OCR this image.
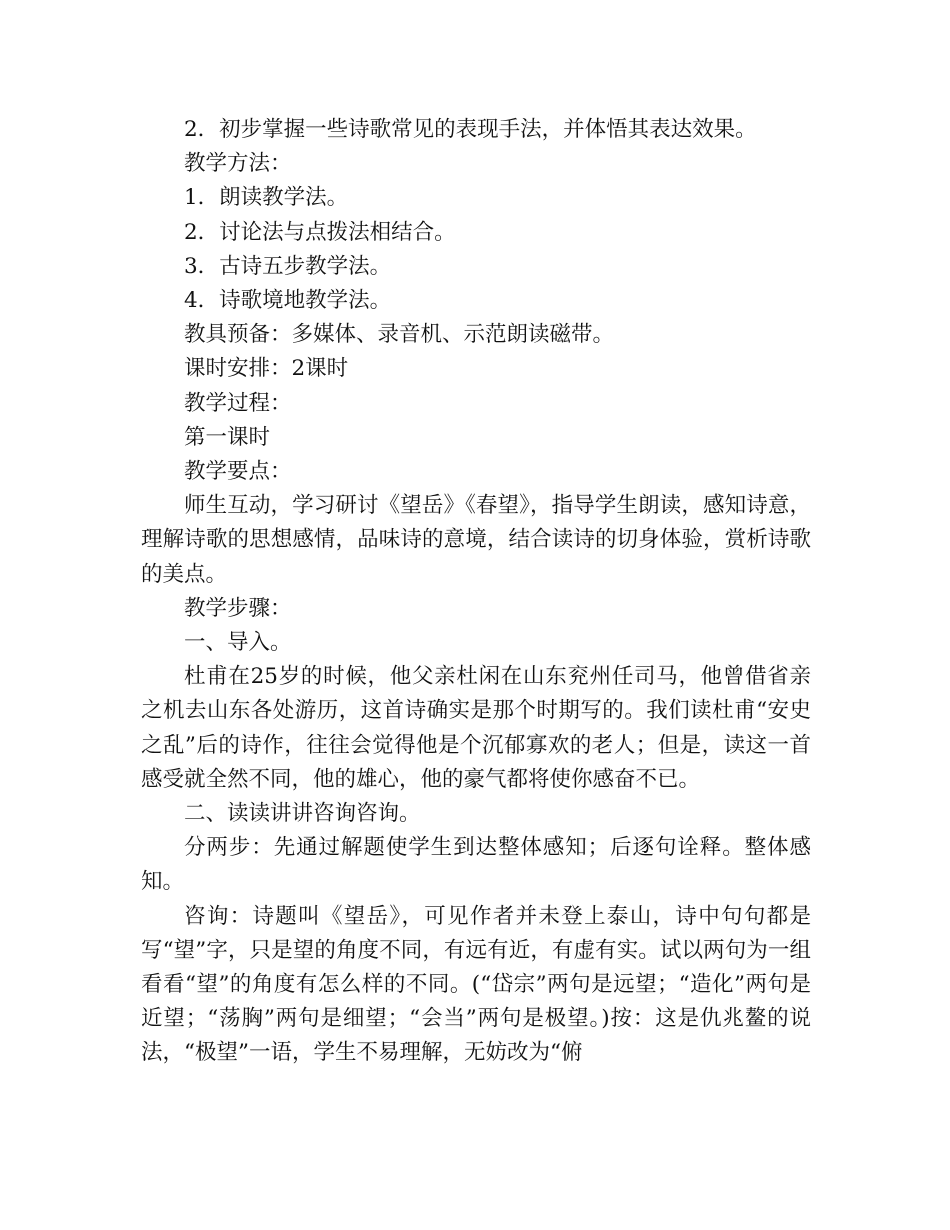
2．初步掌握一些诗歌常见的表现手法，并体悟其表达效果。

教学方法：

1．朗读教学法。

2．讨论法与点拨法相结合。

3．古诗五步教学法。

4．诗歌境地教学法。

教具预备：多媒体、录音机、示范朗读磁带。

课时安排：2课时

教学过程：

第一课时

教学要点：

师生互动，学习研讨《望岳》《春望》，指导学生朗读，感知诗意，理解诗歌的思想感情，品味诗的意境，结合读诗的切身体验，赏析诗歌的美点。

教学步骤：

一、导入。

杜甫在25岁的时候，他父亲杜闲在山东兖州任司马，他曾借省亲之机去山东各处游历，这首诗确实是那个时期写的。我们读杜甫“安史之乱”后的诗作，往往会觉得他是个沉郁寡欢的老人；但是，读这一首感受就全然不同，他的雄心，他的豪气都将使你感奋不已。

二、读读讲讲咨询咨询。

分两步：先通过解题使学生到达整体感知；后逐句诠释。整体感知。

咨询：诗题叫《望岳》，可见作者并未登上泰山，诗中句句都是写“望”字，只是望的角度不同，有远有近，有虚有实。试以两句为一组看看“望”的角度有怎么样的不同。(“岱宗”两句是远望；“造化”两句是近望；“荡胸”两句是细望；“会当”两句是极望。)按：这是仇兆鳌的说法，“极望”一语，学生不易理解，无妨改为“俯
